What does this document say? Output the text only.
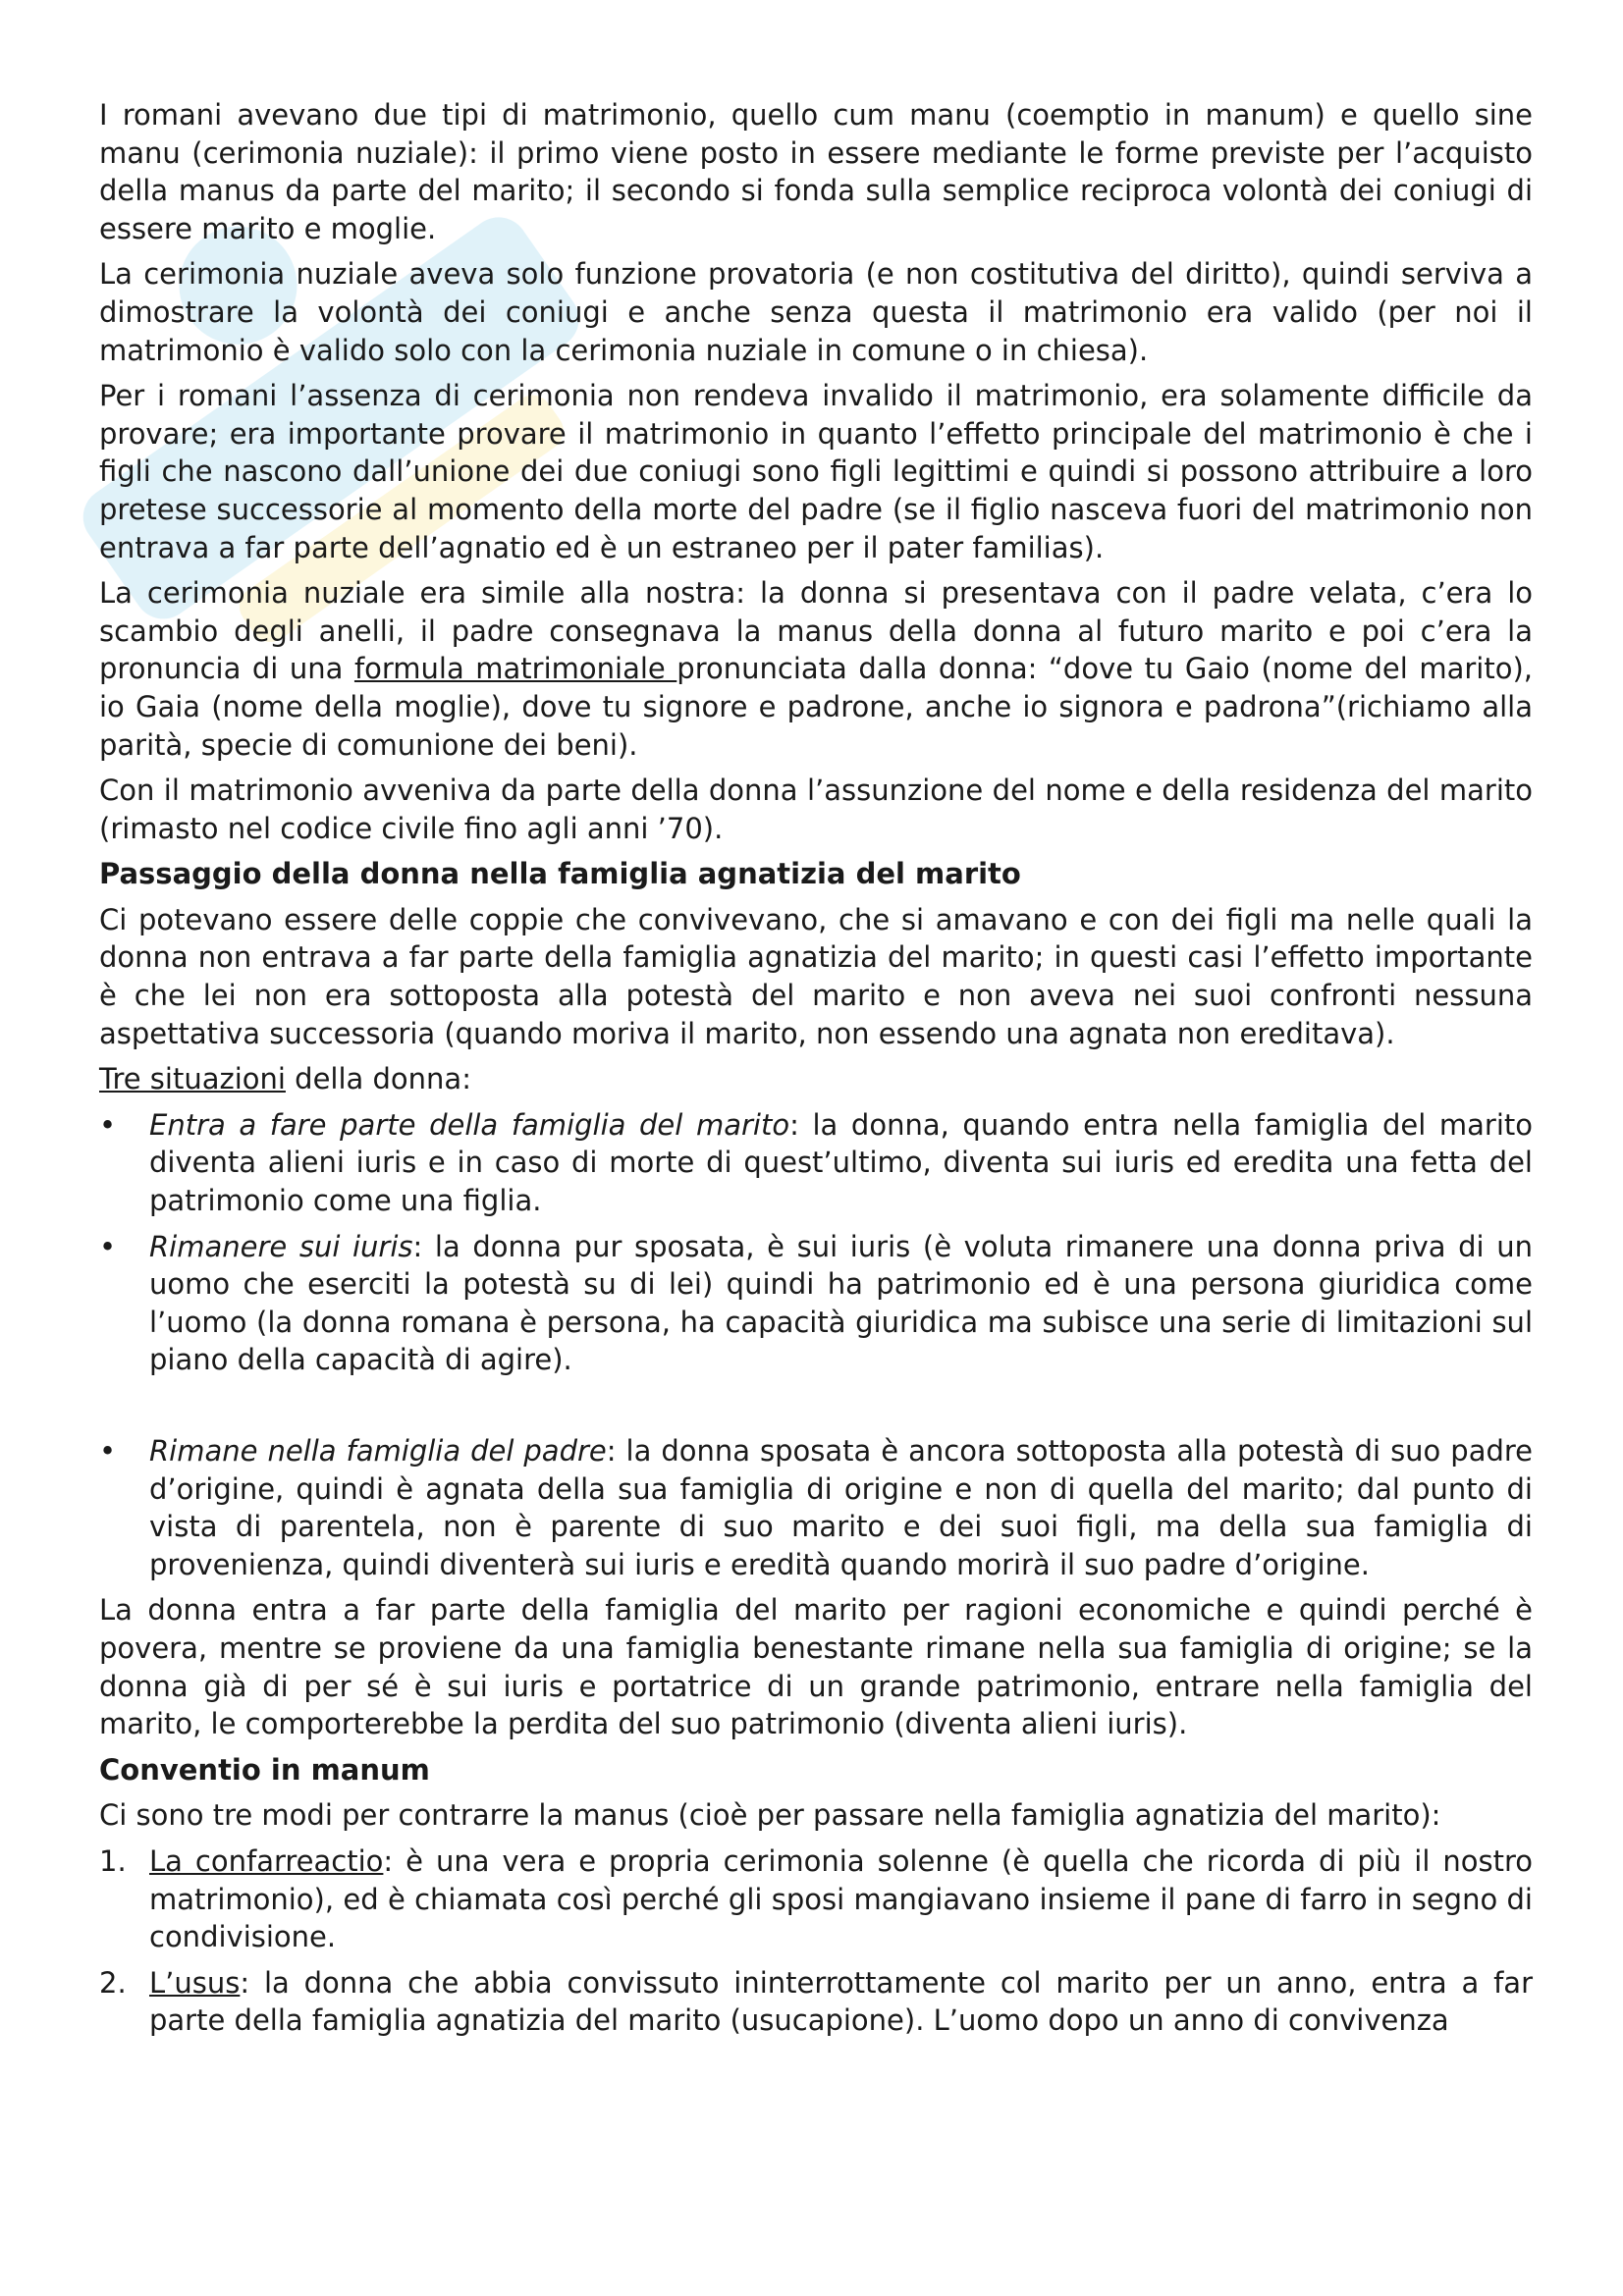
I romani avevano due tipi di matrimonio, quello cum manu (coemptio in manum) e quello sine manu (cerimonia nuziale): il primo viene posto in essere mediante le forme previste per l’acquisto della manus da parte del marito; il secondo si fonda sulla semplice reciproca volontà dei coniugi di essere marito e moglie.

La cerimonia nuziale aveva solo funzione provatoria (e non costitutiva del diritto), quindi serviva a dimostrare la volontà dei coniugi e anche senza questa il matrimonio era valido (per noi il matrimonio è valido solo con la cerimonia nuziale in comune o in chiesa).

Per i romani l’assenza di cerimonia non rendeva invalido il matrimonio, era solamente difficile da provare; era importante provare il matrimonio in quanto l’effetto principale del matrimonio è che i figli che nascono dall’unione dei due coniugi sono figli legittimi e quindi si possono attribuire a loro pretese successorie al momento della morte del padre (se il figlio nasceva fuori del matrimonio non entrava a far parte dell’agnatio ed è un estraneo per il pater familias).

La cerimonia nuziale era simile alla nostra: la donna si presentava con il padre velata, c’era lo scambio degli anelli, il padre consegnava la manus della donna al futuro marito e poi c’era la pronuncia di una formula matrimoniale pronunciata dalla donna: “dove tu Gaio (nome del marito), io Gaia (nome della moglie), dove tu signore e padrone, anche io signora e padrona”(richiamo alla parità, specie di comunione dei beni).

Con il matrimonio avveniva da parte della donna l’assunzione del nome e della residenza del marito (rimasto nel codice civile fino agli anni ’70).

Passaggio della donna nella famiglia agnatizia del marito

Ci potevano essere delle coppie che convivevano, che si amavano e con dei figli ma nelle quali la donna non entrava a far parte della famiglia agnatizia del marito; in questi casi l’effetto importante è che lei non era sottoposta alla potestà del marito e non aveva nei suoi confronti nessuna aspettativa successoria (quando moriva il marito, non essendo una agnata non ereditava).

Tre situazioni della donna:

• Entra a fare parte della famiglia del marito: la donna, quando entra nella famiglia del marito diventa alieni iuris e in caso di morte di quest’ultimo, diventa sui iuris ed eredita una fetta del patrimonio come una figlia.
• Rimanere sui iuris: la donna pur sposata, è sui iuris (è voluta rimanere una donna priva di un uomo che eserciti la potestà su di lei) quindi ha patrimonio ed è una persona giuridica come l’uomo (la donna romana è persona, ha capacità giuridica ma subisce una serie di limitazioni sul piano della capacità di agire).
• Rimane nella famiglia del padre: la donna sposata è ancora sottoposta alla potestà di suo padre d’origine, quindi è agnata della sua famiglia di origine e non di quella del marito; dal punto di vista di parentela, non è parente di suo marito e dei suoi figli, ma della sua famiglia di provenienza, quindi diventerà sui iuris e eredità quando morirà il suo padre d’origine.

La donna entra a far parte della famiglia del marito per ragioni economiche e quindi perché è povera, mentre se proviene da una famiglia benestante rimane nella sua famiglia di origine; se la donna già di per sé è sui iuris e portatrice di un grande patrimonio, entrare nella famiglia del marito, le comporterebbe la perdita del suo patrimonio (diventa alieni iuris).

Conventio in manum

Ci sono tre modi per contrarre la manus (cioè per passare nella famiglia agnatizia del marito):

1. La confarreactio: è una vera e propria cerimonia solenne (è quella che ricorda di più il nostro matrimonio), ed è chiamata così perché gli sposi mangiavano insieme il pane di farro in segno di condivisione.
2. L’usus: la donna che abbia convissuto ininterrottamente col marito per un anno, entra a far parte della famiglia agnatizia del marito (usucapione). L’uomo dopo un anno di convivenza
